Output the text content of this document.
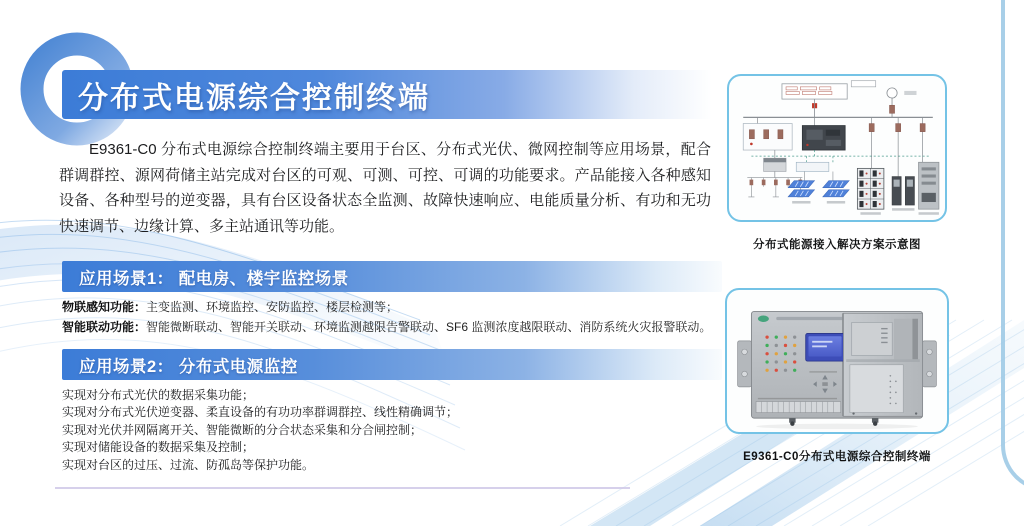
分布式电源综合控制终端

E9361-C0 分布式电源综合控制终端主要用于台区、分布式光伏、微网控制等应用场景，配合群调群控、源网荷储主站完成对台区的可观、可测、可控、可调的功能要求。产品能接入各种感知设备、各种型号的逆变器，具有台区设备状态全监测、故障快速响应、电能质量分析、有功和无功快速调节、边缘计算、多主站通讯等功能。

应用场景1： 配电房、楼宇监控场景
物联感知功能：主变监测、环境监控、安防监控、楼层检测等；
智能联动功能：智能微断联动、智能开关联动、环境监测越限告警联动、SF6 监测浓度越限联动、消防系统火灾报警联动。
应用场景2： 分布式电源监控
实现对分布式光伏的数据采集功能；
实现对分布式光伏逆变器、柔直设备的有功功率群调群控、线性精确调节；
实现对光伏并网隔离开关、智能微断的分合状态采集和分合闸控制；
实现对储能设备的数据采集及控制；
实现对台区的过压、过流、防孤岛等保护功能。
分布式能源接入解决方案示意图
E9361-C0分布式电源综合控制终端
